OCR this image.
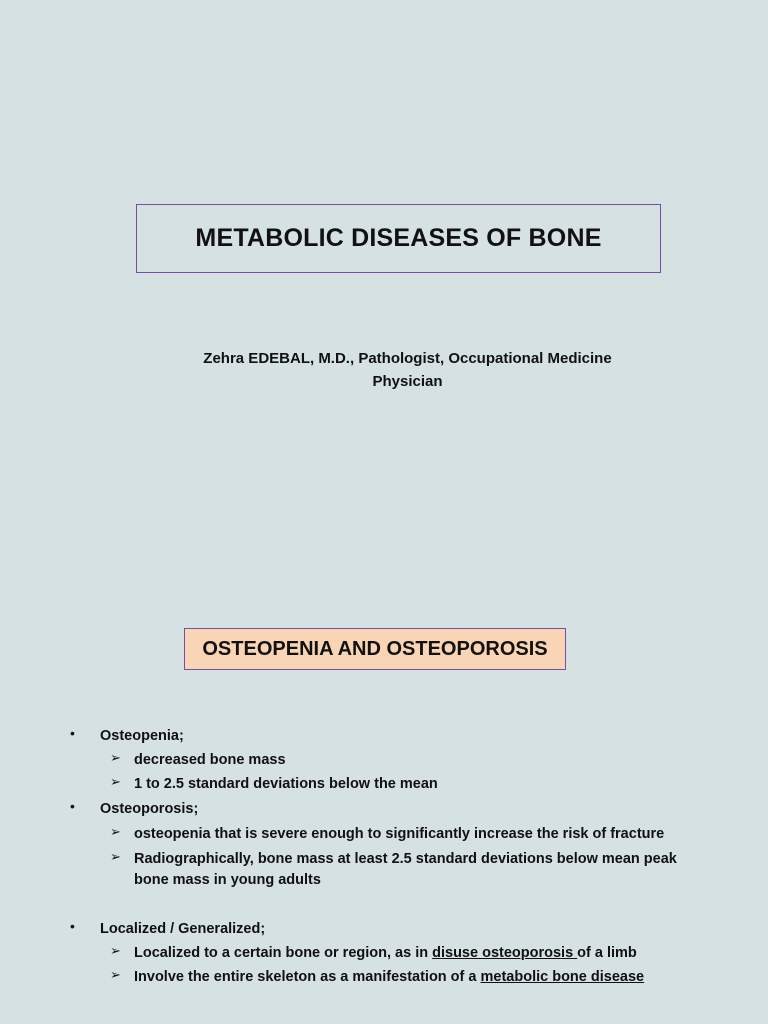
METABOLIC DISEASES OF BONE
Zehra EDEBAL, M.D., Pathologist, Occupational Medicine
Physician
OSTEOPENIA AND OSTEOPOROSIS
• Osteopenia;
➢ decreased bone mass
➢ 1 to 2.5 standard deviations below the mean
• Osteoporosis;
➢ osteopenia that is severe enough to significantly increase the risk of fracture
➢ Radiographically, bone mass at least 2.5 standard deviations below mean peak
bone mass in young adults
• Localized / Generalized;
➢ Localized to a certain bone or region, as in disuse osteoporosis of a limb
➢ Involve the entire skeleton as a manifestation of a metabolic bone disease
